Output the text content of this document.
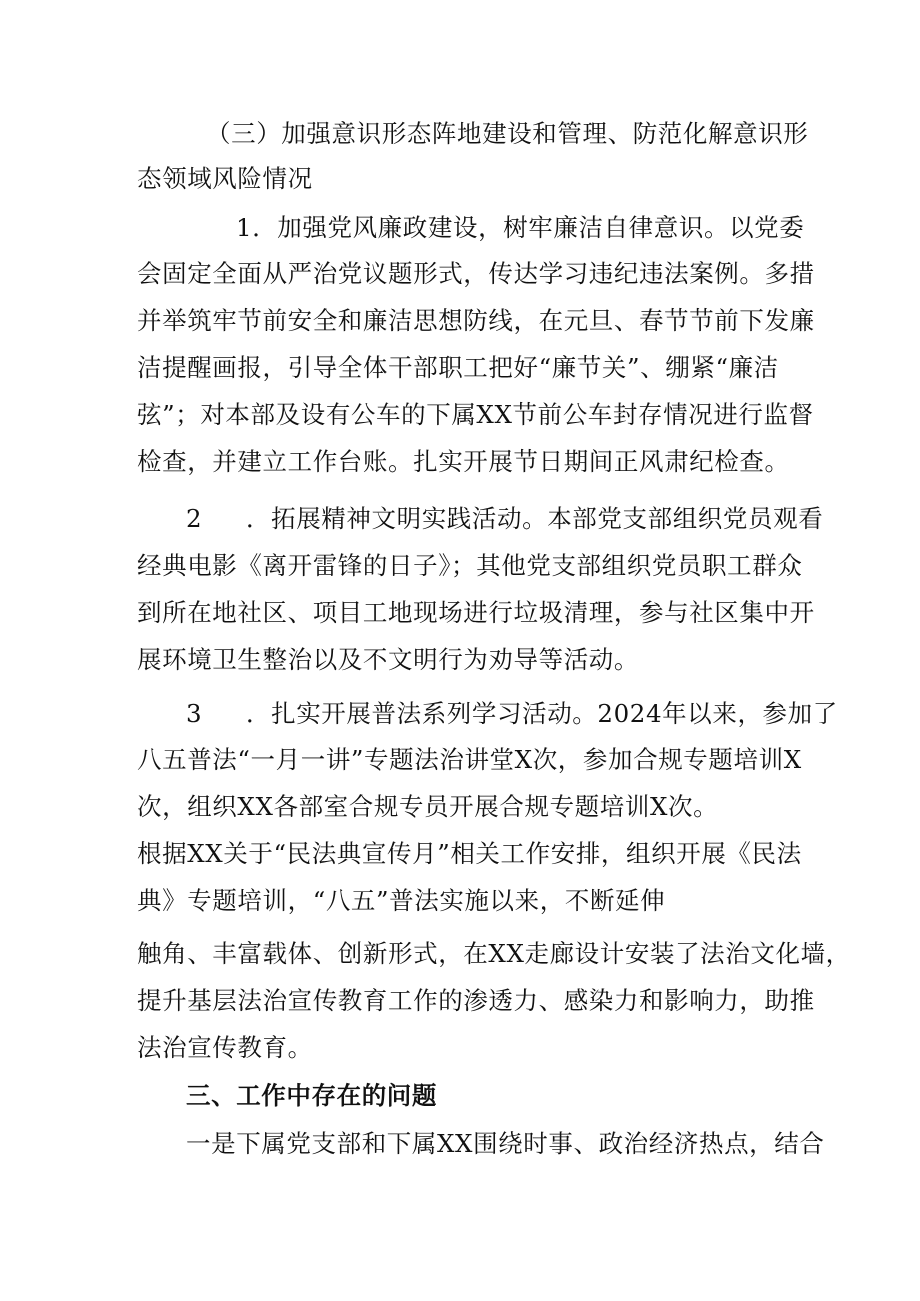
（三）加强意识形态阵地建设和管理、防范化解意识形
态领域风险情况
1．加强党风廉政建设，树牢廉洁自律意识。以党委
会固定全面从严治党议题形式，传达学习违纪违法案例。多措
并举筑牢节前安全和廉洁思想防线，在元旦、春节节前下发廉
洁提醒画报，引导全体干部职工把好“廉节关”、绷紧“廉洁
弦”；对本部及设有公车的下属XX节前公车封存情况进行监督
检查，并建立工作台账。扎实开展节日期间正风肃纪检查。
2 ．拓展精神文明实践活动。本部党支部组织党员观看
经典电影《离开雷锋的日子》；其他党支部组织党员职工群众
到所在地社区、项目工地现场进行垃圾清理，参与社区集中开
展环境卫生整治以及不文明行为劝导等活动。
3 ．扎实开展普法系列学习活动。2024年以来，参加了
八五普法“一月一讲”专题法治讲堂X次，参加合规专题培训X
次，组织XX各部室合规专员开展合规专题培训X次。
根据XX关于“民法典宣传月”相关工作安排，组织开展《民法
典》专题培训，“八五”普法实施以来，不断延伸
触角、丰富载体、创新形式，在XX走廊设计安装了法治文化墙，
提升基层法治宣传教育工作的渗透力、感染力和影响力，助推
法治宣传教育。
三、工作中存在的问题
一是下属党支部和下属XX围绕时事、政治经济热点，结合
